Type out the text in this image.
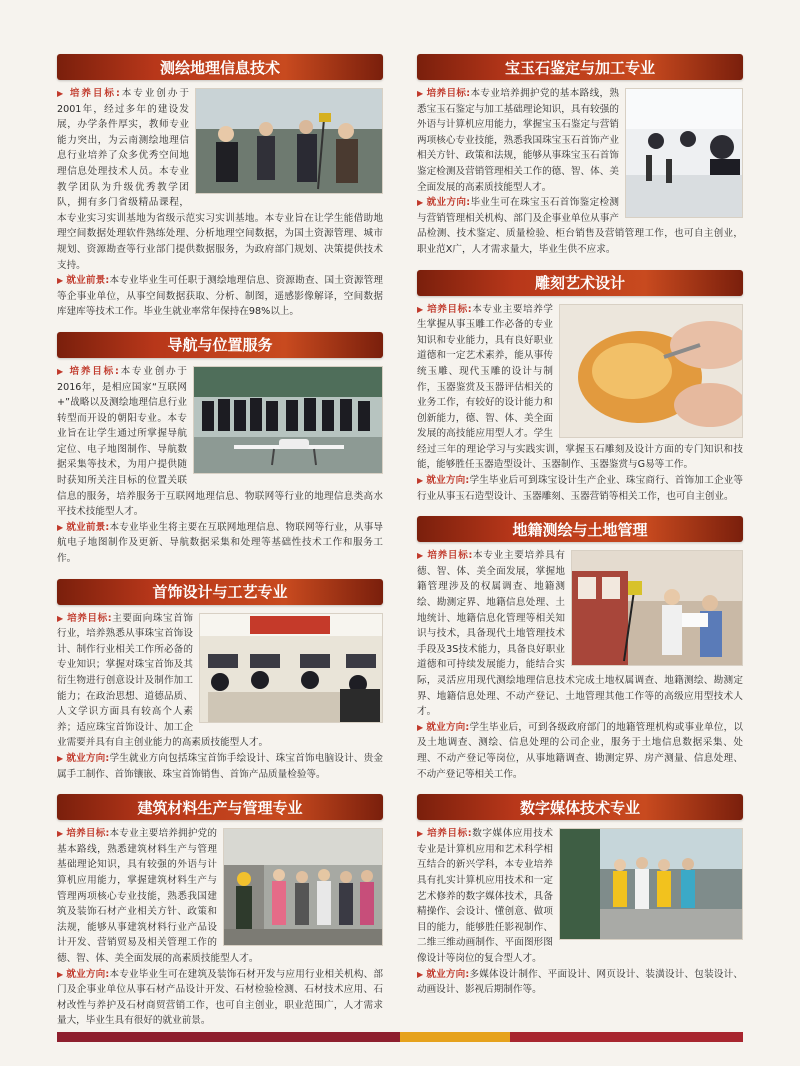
测绘地理信息技术
▶ 培养目标:本专业创办于2001年，经过多年的建设发展，办学条件厚实，教师专业能力突出，为云南测绘地理信息行业培养了众多优秀空间地理信息处理技术人员。本专业教学团队为升级优秀教学团队，拥有多门省级精品课程，本专业实习实训基地为省级示范实习实训基地。本专业旨在让学生能借助地理空间数据处理软件熟练处理、分析地理空间数据，为国土资源管理、城市规划、资源勘查等行业部门提供数据服务，为政府部门规划、决策提供技术支持。
▶ 就业前景:本专业毕业生可任职于测绘地理信息、资源勘查、国土资源管理等企事业单位，从事空间数据获取、分析、制图，遥感影像解译，空间数据库建库等技术工作。毕业生就业率常年保持在98%以上。
导航与位置服务
▶ 培养目标:本专业创办于2016年，是相应国家“互联网+”战略以及测绘地理信息行业转型而开设的朝阳专业。本专业旨在让学生通过所掌握导航定位、电子地图制作、导航数据采集等技术，为用户提供随时获知所关注目标的位置关联信息的服务，培养服务于互联网地理信息、物联网等行业的地理信息类高水平技术技能型人才。
▶ 就业前景:本专业毕业生将主要在互联网地理信息、物联网等行业，从事导航电子地图制作及更新、导航数据采集和处理等基础性技术工作和服务工作。
首饰设计与工艺专业
▶ 培养目标:主要面向珠宝首饰行业，培养熟悉从事珠宝首饰设计、制作行业相关工作所必备的专业知识；掌握对珠宝首饰及其衍生物进行创意设计及制作加工能力；在政治思想、道德品质、人文学识方面具有较高个人素养；适应珠宝首饰设计、加工企业需要并具有自主创业能力的高素质技能型人才。
▶ 就业方向:学生就业方向包括珠宝首饰手绘设计、珠宝首饰电脑设计、贵金属手工制作、首饰镶嵌、珠宝首饰销售、首饰产品质量检验等。
建筑材料生产与管理专业
▶ 培养目标:本专业主要培养拥护党的基本路线，熟悉建筑材料生产与管理基础理论知识，具有较强的外语与计算机应用能力，掌握建筑材料生产与管理两项核心专业技能，熟悉我国建筑及装饰石材产业相关方针、政策和法规，能够从事建筑材料行业产品设计开发、营销贸易及相关管理工作的德、智、体、美全面发展的高素质技能型人才。
▶ 就业方向:本专业毕业生可在建筑及装饰石材开发与应用行业相关机构、部门及企事业单位从事石材产品设计开发、石材检验检测、石材技术应用、石材改性与养护及石材商贸营销工作，也可自主创业，职业范围广，人才需求量大，毕业生具有很好的就业前景。
宝玉石鉴定与加工专业
▶ 培养目标:本专业培养拥护党的基本路线，熟悉宝玉石鉴定与加工基础理论知识，具有较强的外语与计算机应用能力，掌握宝玉石鉴定与营销两项核心专业技能，熟悉我国珠宝玉石首饰产业相关方针、政策和法规，能够从事珠宝玉石首饰鉴定检测及营销管理相关工作的德、智、体、美全面发展的高素质技能型人才。
▶ 就业方向:毕业生可在珠宝玉石首饰鉴定检测与营销管理相关机构、部门及企事业单位从事产品检测、技术鉴定、质量检验、柜台销售及营销管理工作，也可自主创业，职业范X广，人才需求量大，毕业生供不应求。
雕刻艺术设计
▶ 培养目标:本专业主要培养学生掌握从事玉雕工作必备的专业知识和专业能力，具有良好职业道德和一定艺术素养，能从事传统玉雕、现代玉雕的设计与制作，玉器鉴赏及玉器评估相关的业务工作，有较好的设计能力和创新能力，德、智、体、美全面发展的高技能应用型人才。学生经过三年的理论学习与实践实训，掌握玉石雕刻及设计方面的专门知识和技能，能够胜任玉器造型设计、玉器制作、玉器鉴赏与G易等工作。
▶ 就业方向:学生毕业后可到珠宝设计生产企业、珠宝商行、首饰加工企业等行业从事玉石造型设计、玉器雕刻、玉器营销等相关工作，也可自主创业。
地籍测绘与土地管理
▶ 培养目标:本专业主要培养具有德、智、体、美全面发展，掌握地籍管理涉及的权属调查、地籍测绘、勘测定界、地籍信息处理、土地统计、地籍信息化管理等相关知识与技术，具备现代土地管理技术手段及3S技术能力，具备良好职业道德和可持续发展能力，能结合实际，灵活应用现代测绘地理信息技术完成土地权属调查、地籍测绘、勘测定界、地籍信息处理、不动产登记、土地管理其他工作等的高级应用型技术人才。
▶ 就业方向:学生毕业后，可到各级政府部门的地籍管理机构或事业单位，以及土地调查、测绘、信息处理的公司企业，服务于土地信息数据采集、处理、不动产登记等岗位，从事地籍调查、勘测定界、房产测量、信息处理、不动产登记等相关工作。
数字媒体技术专业
▶ 培养目标:数字媒体应用技术专业是计算机应用和艺术科学相互结合的新兴学科，本专业培养具有扎实计算机应用技术和一定艺术修养的数字媒体技术，具备精操作、会设计、懂创意、做项目的能力，能够胜任影视制作、二维三维动画制作、平面图形图像设计等岗位的复合型人才。
▶ 就业方向:多媒体设计制作、平面设计、网页设计、装潢设计、包装设计、动画设计、影视后期制作等。
